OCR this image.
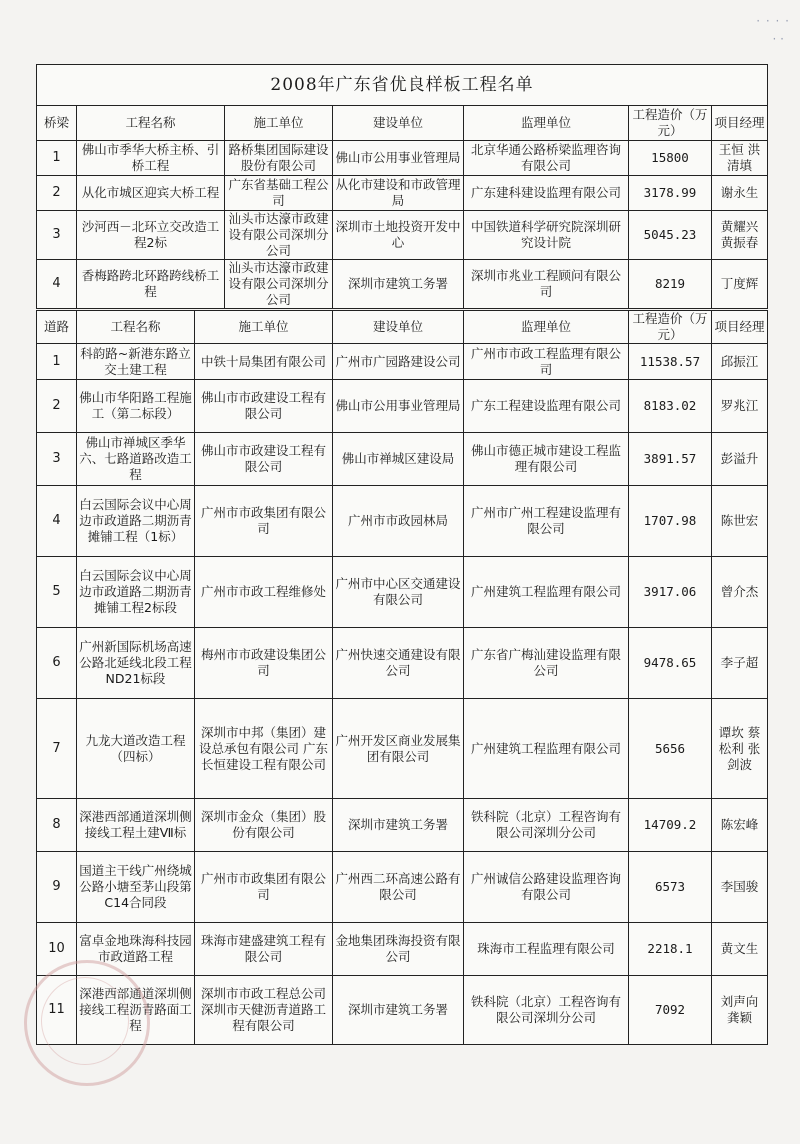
· · · ·
· ·
2008年广东省优良样板工程名单						
桥梁	工程名称	施工单位	建设单位	监理单位	工程造价（万元）	项目经理
1	佛山市季华大桥主桥、引桥工程	路桥集团国际建设股份有限公司	佛山市公用事业管理局	北京华通公路桥梁监理咨询有限公司	15800	王恒 洪清填
2	从化市城区迎宾大桥工程	广东省基础工程公司	从化市建设和市政管理局	广东建科建设监理有限公司	3178.99	谢永生
3	沙河西－北环立交改造工程2标	汕头市达濠市政建设有限公司深圳分公司	深圳市土地投资开发中心	中国铁道科学研究院深圳研究设计院	5045.23	黄耀兴 黄振春
4	香梅路跨北环路跨线桥工程	汕头市达濠市政建设有限公司深圳分公司	深圳市建筑工务署	深圳市兆业工程顾问有限公司	8219	丁度辉
道路	工程名称	施工单位	建设单位	监理单位	工程造价（万元）	项目经理
1	科韵路~新港东路立交土建工程	中铁十局集团有限公司	广州市广园路建设公司	广州市市政工程监理有限公司	11538.57	邱振江
2	佛山市华阳路工程施工（第二标段）	佛山市市政建设工程有限公司	佛山市公用事业管理局	广东工程建设监理有限公司	8183.02	罗兆江
3	佛山市禅城区季华六、七路道路改造工程	佛山市市政建设工程有限公司	佛山市禅城区建设局	佛山市德正城市建设工程监理有限公司	3891.57	彭溢升
4	白云国际会议中心周边市政道路二期沥青摊铺工程（1标）	广州市市政集团有限公司	广州市市政园林局	广州市广州工程建设监理有限公司	1707.98	陈世宏
5	白云国际会议中心周边市政道路二期沥青摊铺工程2标段	广州市市政工程维修处	广州市中心区交通建设有限公司	广州建筑工程监理有限公司	3917.06	曾介杰
6	广州新国际机场高速公路北延线北段工程ND21标段	梅州市市政建设集团公司	广州快速交通建设有限公司	广东省广梅汕建设监理有限公司	9478.65	李子超
7	九龙大道改造工程（四标）	深圳市中邦（集团）建设总承包有限公司 广东长恒建设工程有限公司	广州开发区商业发展集团有限公司	广州建筑工程监理有限公司	5656	谭坎 蔡松利 张剑波
8	深港西部通道深圳侧接线工程土建Ⅶ标	深圳市金众（集团）股份有限公司	深圳市建筑工务署	铁科院（北京）工程咨询有限公司深圳分公司	14709.2	陈宏峰
9	国道主干线广州绕城公路小塘至茅山段第C14合同段	广州市市政集团有限公司	广州西二环高速公路有限公司	广州诚信公路建设监理咨询有限公司	6573	李国骏
10	富卓金地珠海科技园市政道路工程	珠海市建盛建筑工程有限公司	金地集团珠海投资有限公司	珠海市工程监理有限公司	2218.1	黄文生
11	深港西部通道深圳侧接线工程沥青路面工程	深圳市市政工程总公司 深圳市天健沥青道路工程有限公司	深圳市建筑工务署	铁科院（北京）工程咨询有限公司深圳分公司	7092	刘声向 龚颖
